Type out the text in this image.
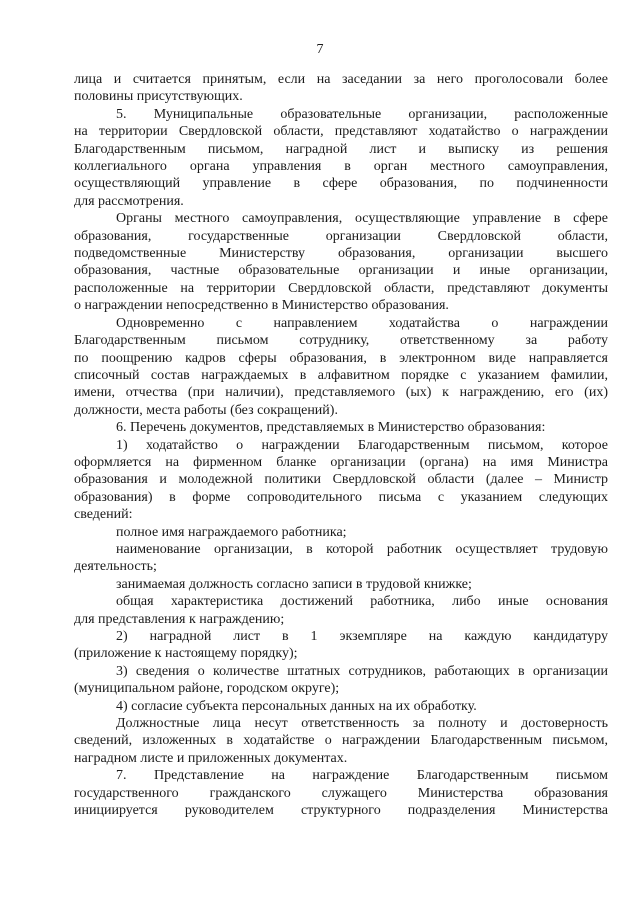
7

лица и считается принятым, если на заседании за него проголосовали более

половины присутствующих.

5. Муниципальные образовательные организации, расположенные

на территории Свердловской области, представляют ходатайство о награждении

Благодарственным письмом, наградной лист и выписку из решения

коллегиального органа управления в орган местного самоуправления,

осуществляющий управление в сфере образования, по подчиненности

для рассмотрения.

Органы местного самоуправления, осуществляющие управление в сфере

образования, государственные организации Свердловской области,

подведомственные Министерству образования, организации высшего

образования, частные образовательные организации и иные организации,

расположенные на территории Свердловской области, представляют документы

о награждении непосредственно в Министерство образования.

Одновременно с направлением ходатайства о награждении

Благодарственным письмом сотруднику, ответственному за работу

по поощрению кадров сферы образования, в электронном виде направляется

списочный состав награждаемых в алфавитном порядке с указанием фамилии,

имени, отчества (при наличии), представляемого (ых) к награждению, его (их)

должности, места работы (без сокращений).

6. Перечень документов, представляемых в Министерство образования:

1) ходатайство о награждении Благодарственным письмом, которое

оформляется на фирменном бланке организации (органа) на имя Министра

образования и молодежной политики Свердловской области (далее – Министр

образования) в форме сопроводительного письма с указанием следующих

сведений:

полное имя награждаемого работника;

наименование организации, в которой работник осуществляет трудовую

деятельность;

занимаемая должность согласно записи в трудовой книжке;

общая характеристика достижений работника, либо иные основания

для представления к награждению;

2) наградной лист в 1 экземпляре на каждую кандидатуру

(приложение к настоящему порядку);

3) сведения о количестве штатных сотрудников, работающих в организации

(муниципальном районе, городском округе);

4) согласие субъекта персональных данных на их обработку.

Должностные лица несут ответственность за полноту и достоверность

сведений, изложенных в ходатайстве о награждении Благодарственным письмом,

наградном листе и приложенных документах.

7. Представление на награждение Благодарственным письмом

государственного гражданского служащего Министерства образования

инициируется руководителем структурного подразделения Министерства
